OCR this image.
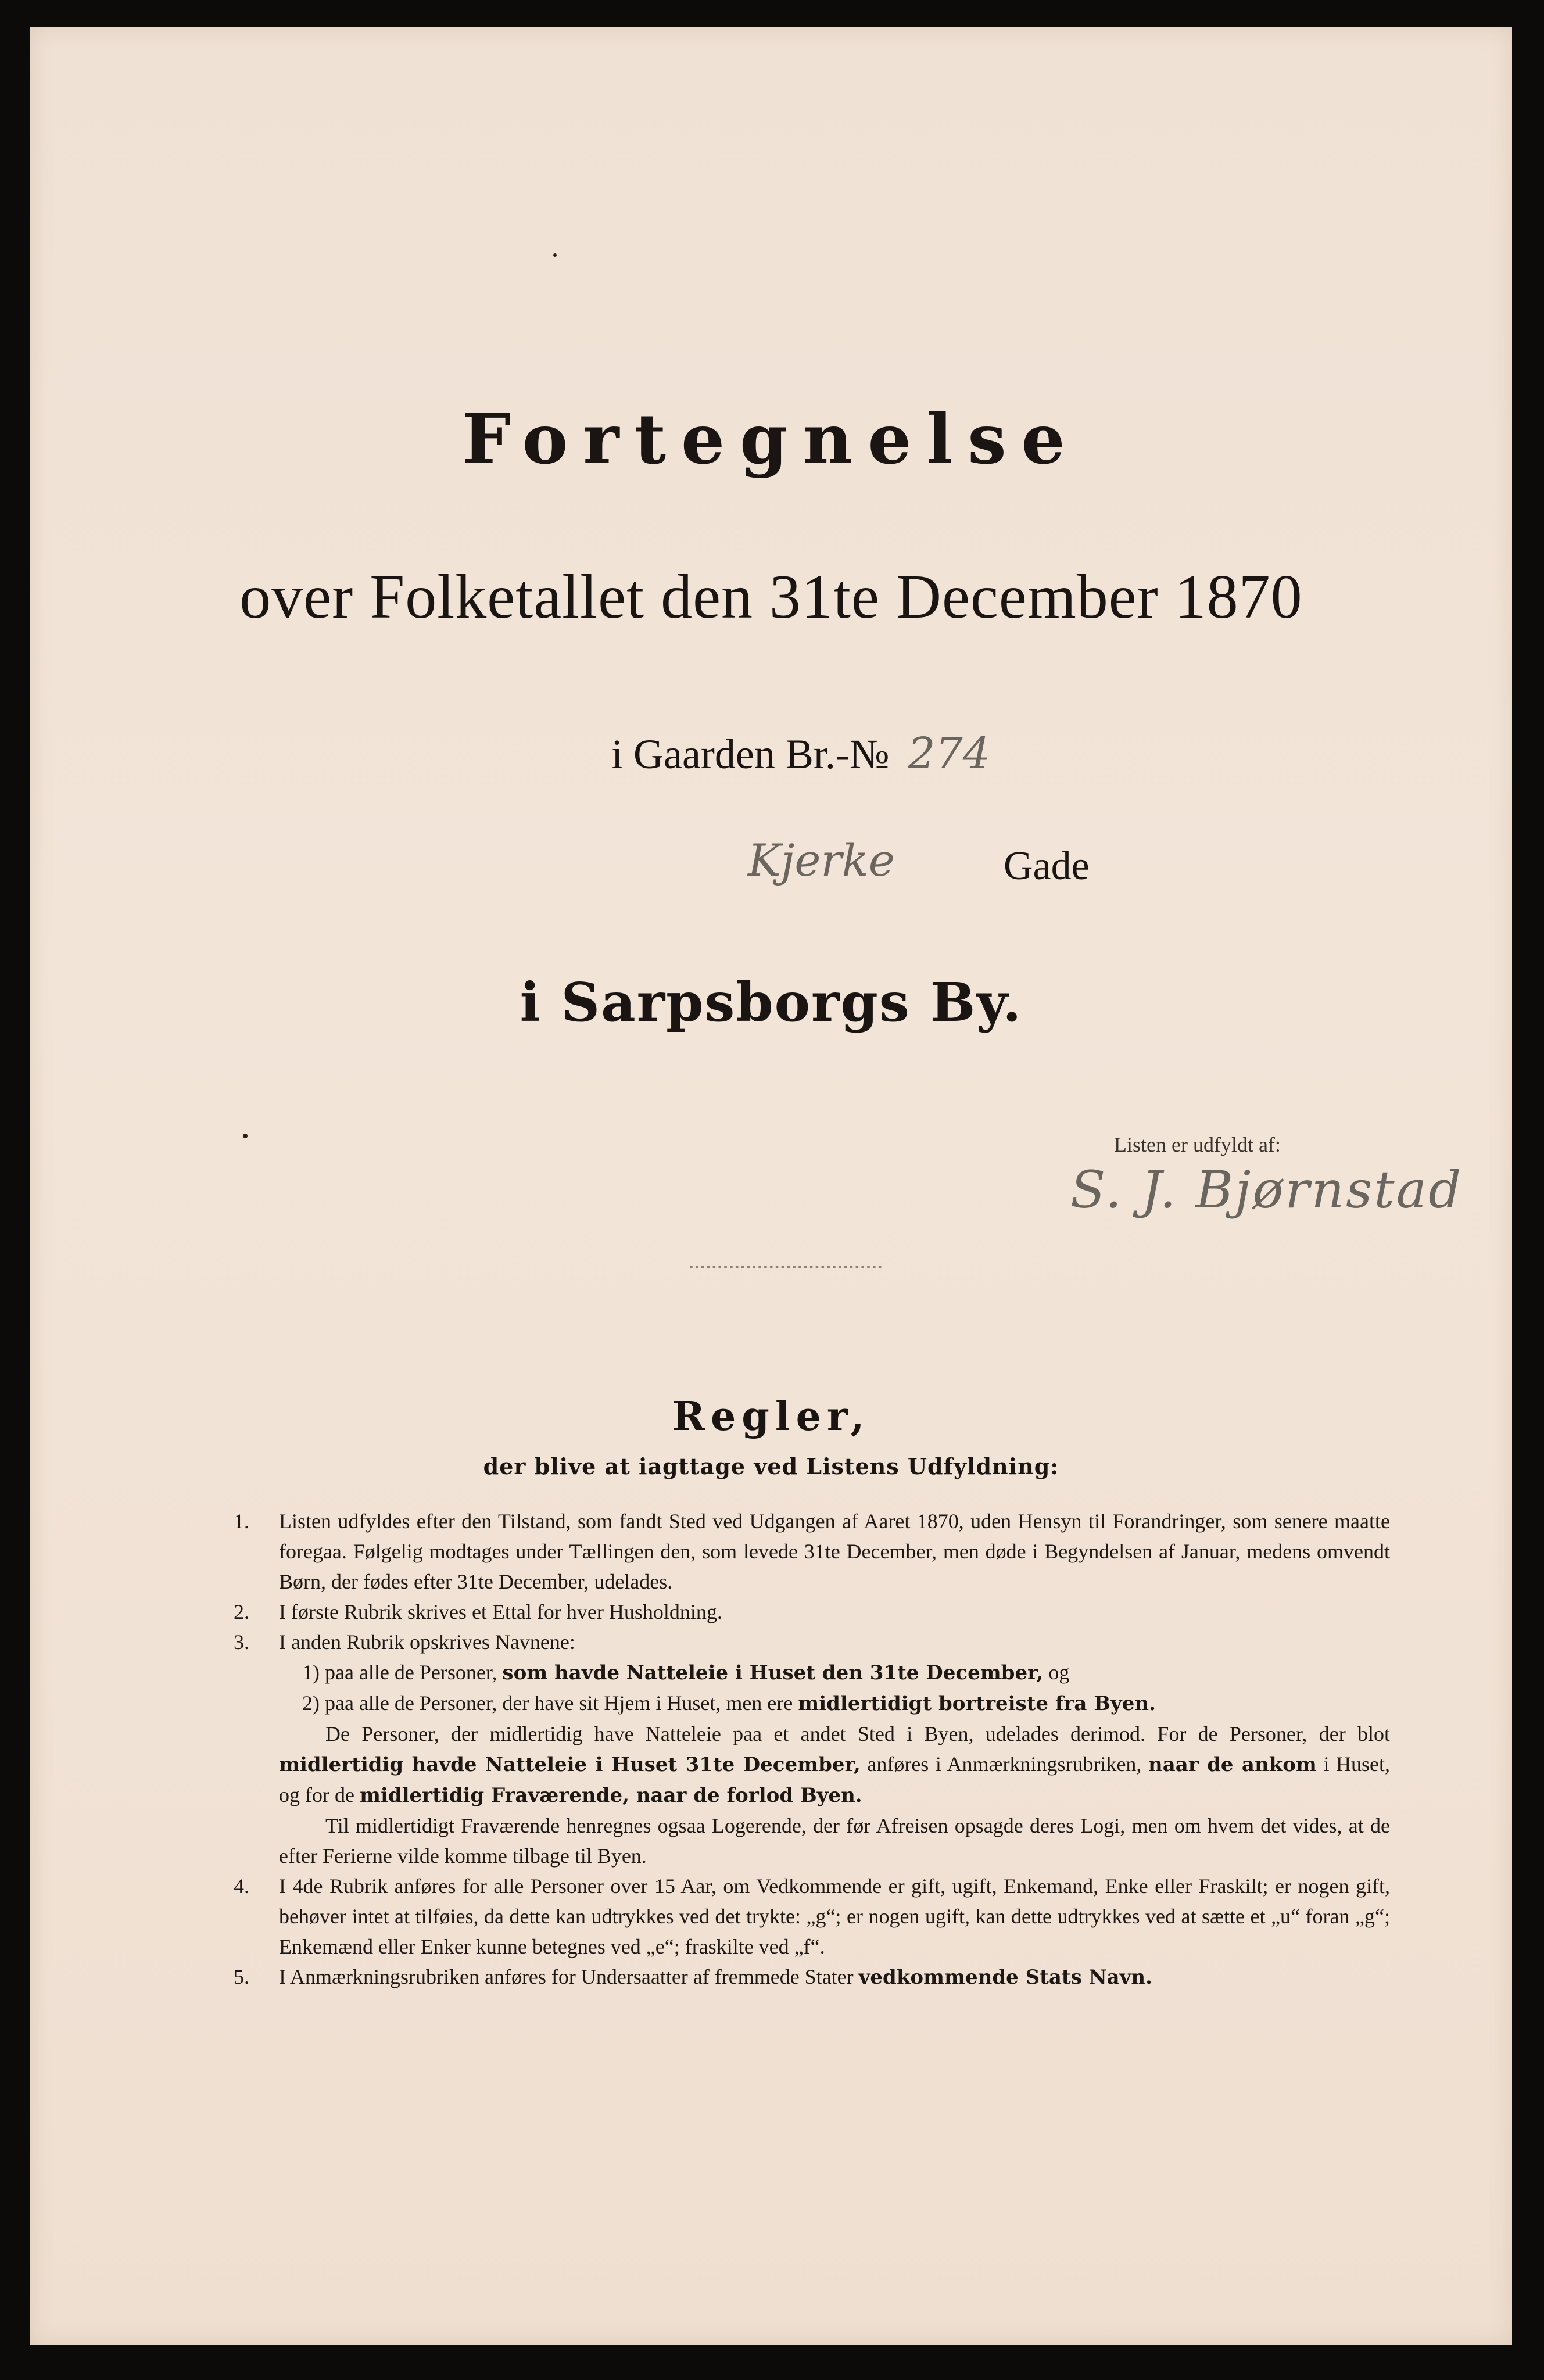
Fortegnelse
over Folketallet den 31te December 1870
i Gaarden Br.-№ 274
Kjerke	Gade
i Sarpsborgs By.
Listen er udfyldt af:
S. J. Bjørnstad
Regler,
der blive at iagttage ved Listens Udfyldning:
1. Listen udfyldes efter den Tilstand, som fandt Sted ved Udgangen af Aaret 1870, uden Hensyn til Forandringer, som senere maatte foregaa. Følgelig modtages under Tællingen den, som levede 31te December, men døde i Begyndelsen af Januar, medens omvendt Børn, der fødes efter 31te December, udelades.
2. I første Rubrik skrives et Ettal for hver Husholdning.
3. I anden Rubrik opskrives Navnene:
1) paa alle de Personer, som havde Natteleie i Huset den 31te December, og
2) paa alle de Personer, der have sit Hjem i Huset, men ere midlertidigt bortreiste fra Byen.
De Personer, der midlertidig have Natteleie paa et andet Sted i Byen, udelades derimod. For de Personer, der blot midlertidig havde Natteleie i Huset 31te December, anføres i Anmærkningsrubriken, naar de ankom i Huset, og for de midlertidig Fraværende, naar de forlod Byen.
Til midlertidigt Fraværende henregnes ogsaa Logerende, der før Afreisen opsagde deres Logi, men om hvem det vides, at de efter Ferierne vilde komme tilbage til Byen.
4. I 4de Rubrik anføres for alle Personer over 15 Aar, om Vedkommende er gift, ugift, Enkemand, Enke eller Fraskilt; er nogen gift, behøver intet at tilføies, da dette kan udtrykkes ved det trykte: „g“; er nogen ugift, kan dette udtrykkes ved at sætte et „u“ foran „g“; Enkemænd eller Enker kunne betegnes ved „e“; fraskilte ved „f“.
5. I Anmærkningsrubriken anføres for Undersaatter af fremmede Stater vedkommende Stats Navn.
